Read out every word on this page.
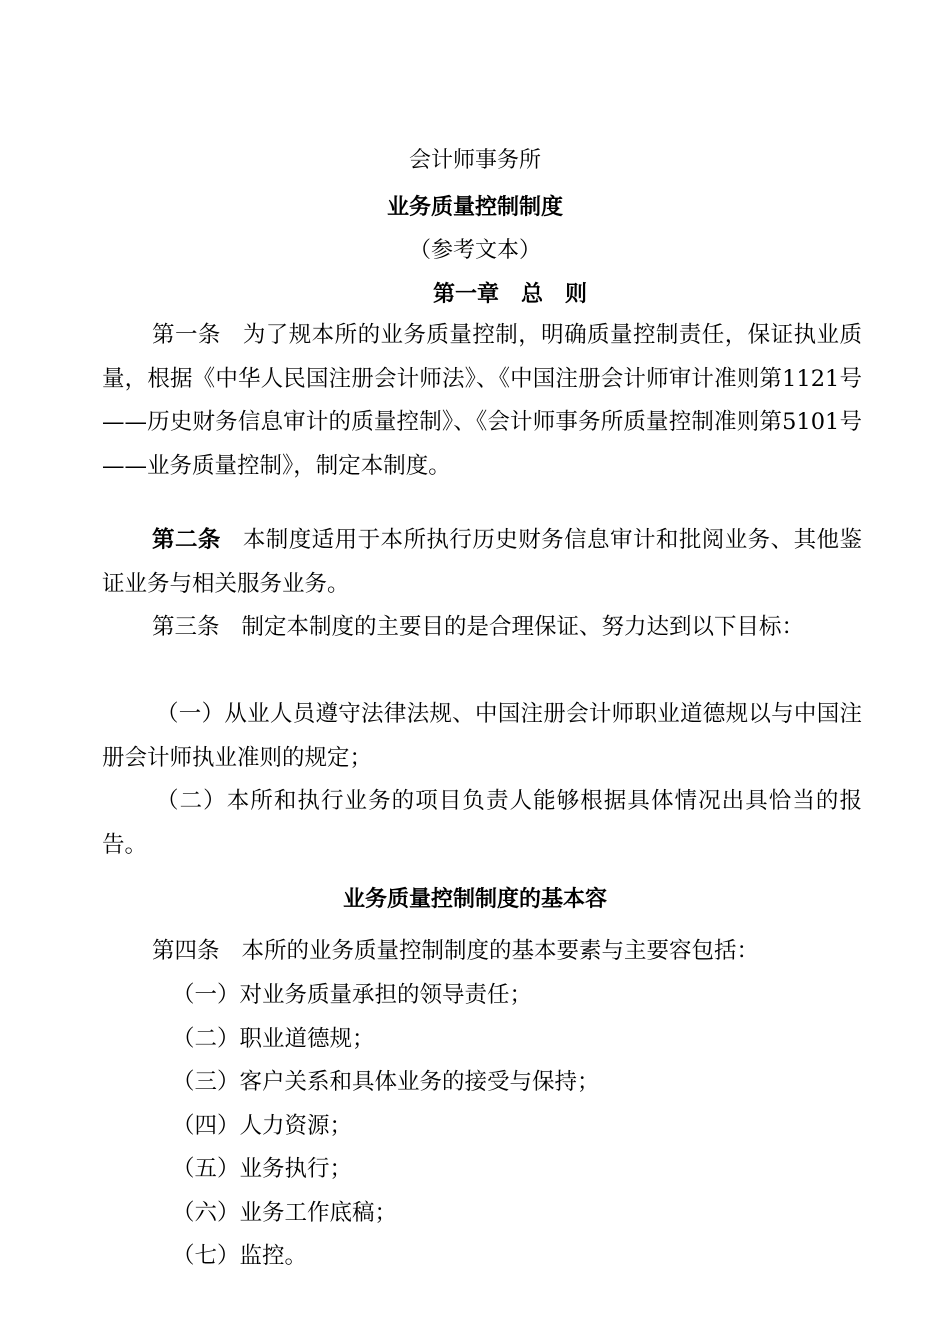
会计师事务所
业务质量控制制度
（参考文本）
第一章　总　则
第一条 为了规本所的业务质量控制，明确质量控制责任，保证执业质量，根据《中华人民国注册会计师法》、《中国注册会计师审计准则第1121号——历史财务信息审计的质量控制》、《会计师事务所质量控制准则第5101号——业务质量控制》，制定本制度。
第二条 本制度适用于本所执行历史财务信息审计和批阅业务、其他鉴证业务与相关服务业务。
第三条 制定本制度的主要目的是合理保证、努力达到以下目标：
（一）从业人员遵守法律法规、中国注册会计师职业道德规以与中国注册会计师执业准则的规定；
（二）本所和执行业务的项目负责人能够根据具体情况出具恰当的报告。
业务质量控制制度的基本容
第四条 本所的业务质量控制制度的基本要素与主要容包括：
（一）对业务质量承担的领导责任；
（二）职业道德规；
（三）客户关系和具体业务的接受与保持；
（四）人力资源；
（五）业务执行；
（六）业务工作底稿；
（七）监控。
